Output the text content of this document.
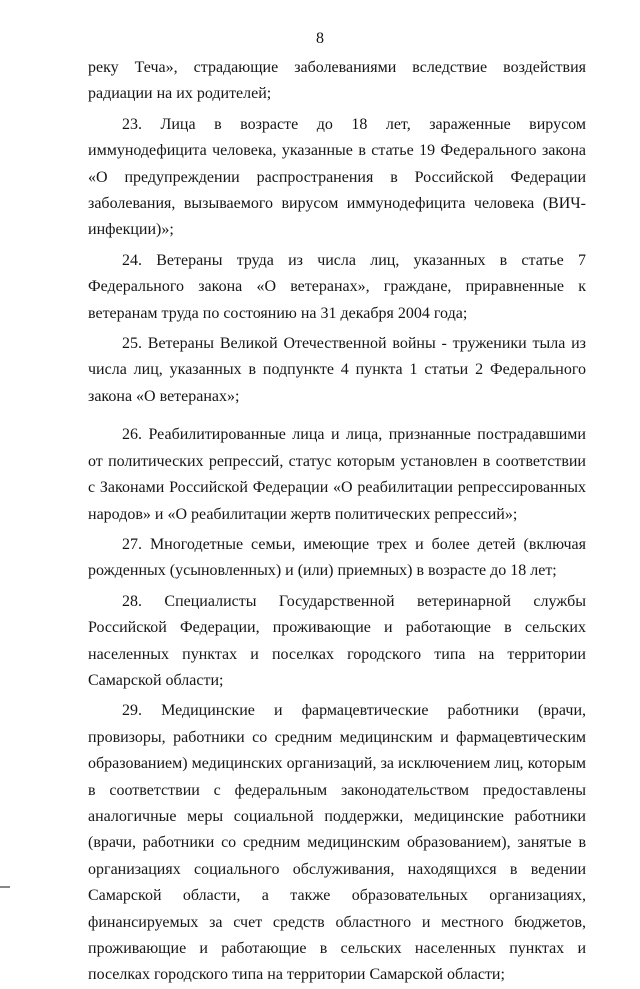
8

реку Теча», страдающие заболеваниями вследствие воздействия радиации на их родителей;

23. Лица в возрасте до 18 лет, зараженные вирусом иммунодефицита человека, указанные в статье 19 Федерального закона «О предупреждении распространения в Российской Федерации заболевания, вызываемого вирусом иммунодефицита человека (ВИЧ-инфекции)»;

24. Ветераны труда из числа лиц, указанных в статье 7 Федерального закона «О ветеранах», граждане, приравненные к ветеранам труда по состоянию на 31 декабря 2004 года;

25. Ветераны Великой Отечественной войны - труженики тыла из числа лиц, указанных в подпункте 4 пункта 1 статьи 2 Федерального закона «О ветеранах»;

26. Реабилитированные лица и лица, признанные пострадавшими от политических репрессий, статус которым установлен в соответствии с Законами Российской Федерации «О реабилитации репрессированных народов» и «О реабилитации жертв политических репрессий»;

27. Многодетные семьи, имеющие трех и более детей (включая рожденных (усыновленных) и (или) приемных) в возрасте до 18 лет;

28. Специалисты Государственной ветеринарной службы Российской Федерации, проживающие и работающие в сельских населенных пунктах и поселках городского типа на территории Самарской области;

29. Медицинские и фармацевтические работники (врачи, провизоры, работники со средним медицинским и фармацевтическим образованием) медицинских организаций, за исключением лиц, которым в соответствии с федеральным законодательством предоставлены аналогичные меры социальной поддержки, медицинские работники (врачи, работники со средним медицинским образованием), занятые в организациях социального обслуживания, находящихся в ведении Самарской области, а также образовательных организациях, финансируемых за счет средств областного и местного бюджетов, проживающие и работающие в сельских населенных пунктах и поселках городского типа на территории Самарской области;
